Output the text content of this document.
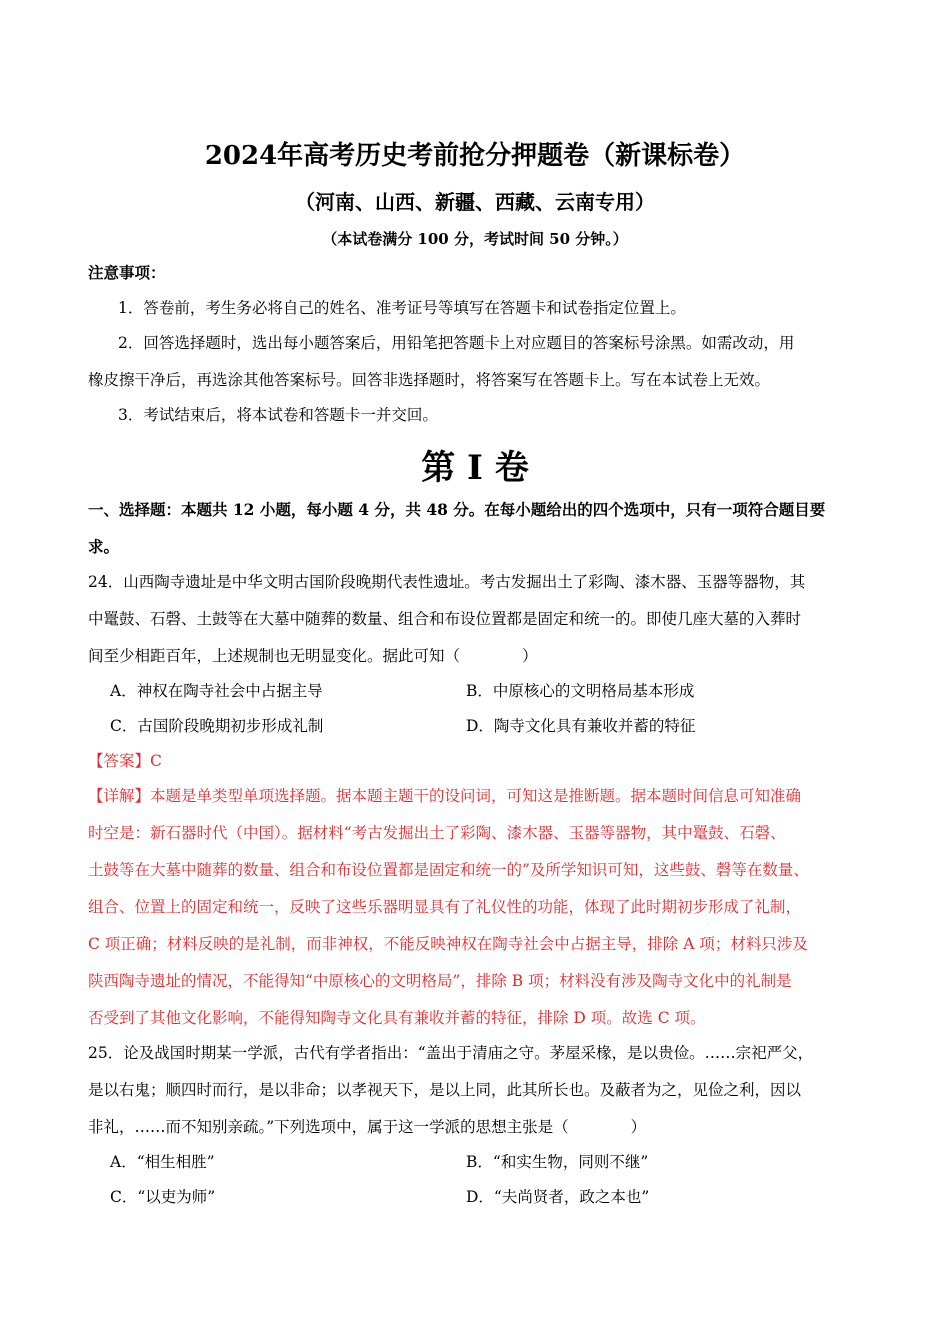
2024年高考历史考前抢分押题卷（新课标卷）
（河南、山西、新疆、西藏、云南专用）
（本试卷满分 100 分，考试时间 50 分钟。）
注意事项：
1．答卷前，考生务必将自己的姓名、准考证号等填写在答题卡和试卷指定位置上。
2．回答选择题时，选出每小题答案后，用铅笔把答题卡上对应题目的答案标号涂黑。如需改动，用
橡皮擦干净后，再选涂其他答案标号。回答非选择题时，将答案写在答题卡上。写在本试卷上无效。
3．考试结束后，将本试卷和答题卡一并交回。
第 I 卷
一、选择题：本题共 12 小题，每小题 4 分，共 48 分。在每小题给出的四个选项中，只有一项符合题目要
求。
24．山西陶寺遗址是中华文明古国阶段晚期代表性遗址。考古发掘出土了彩陶、漆木器、玉器等器物，其
中鼍鼓、石磬、土鼓等在大墓中随葬的数量、组合和布设位置都是固定和统一的。即使几座大墓的入葬时
间至少相距百年，上述规制也无明显变化。据此可知（　　　　）
A．神权在陶寺社会中占据主导	B．中原核心的文明格局基本形成
C．古国阶段晚期初步形成礼制	D．陶寺文化具有兼收并蓄的特征
【答案】C
【详解】本题是单类型单项选择题。据本题主题干的设问词，可知这是推断题。据本题时间信息可知准确
时空是：新石器时代（中国）。据材料“考古发掘出土了彩陶、漆木器、玉器等器物，其中鼍鼓、石磬、
土鼓等在大墓中随葬的数量、组合和布设位置都是固定和统一的”及所学知识可知，这些鼓、磬等在数量、
组合、位置上的固定和统一，反映了这些乐器明显具有了礼仪性的功能，体现了此时期初步形成了礼制，
C 项正确；材料反映的是礼制，而非神权，不能反映神权在陶寺社会中占据主导，排除 A 项；材料只涉及
陕西陶寺遗址的情况，不能得知“中原核心的文明格局”，排除 B 项；材料没有涉及陶寺文化中的礼制是
否受到了其他文化影响，不能得知陶寺文化具有兼收并蓄的特征，排除 D 项。故选 C 项。
25．论及战国时期某一学派，古代有学者指出：“盖出于清庙之守。茅屋采椽，是以贵俭。……宗祀严父，
是以右鬼；顺四时而行，是以非命；以孝视天下，是以上同，此其所长也。及蔽者为之，见俭之利，因以
非礼，……而不知别亲疏。”下列选项中，属于这一学派的思想主张是（　　　　）
A．“相生相胜”	B．“和实生物，同则不继”
C．“以吏为师”	D．“夫尚贤者，政之本也”
